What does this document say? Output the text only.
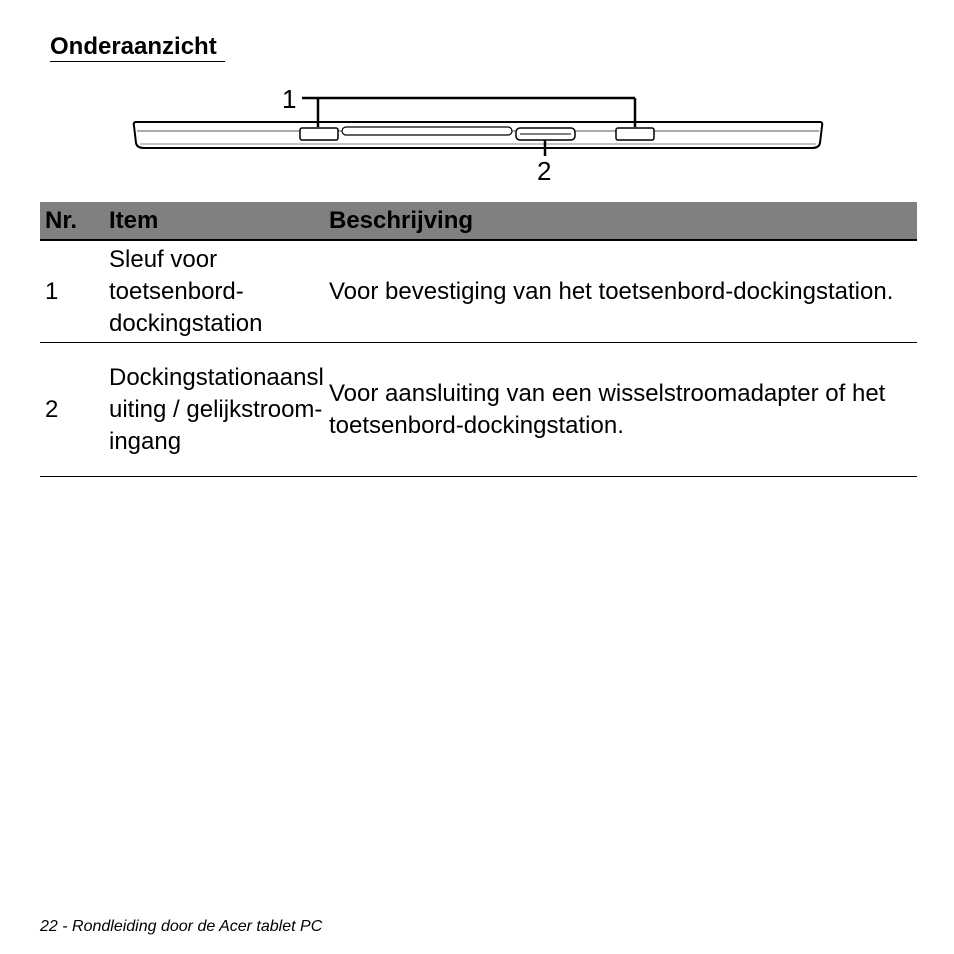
Onderaanzicht
1
2
Nr.	Item	Beschrijving
1	Sleuf voor toetsenbord-dockingstation	Voor bevestiging van het toetsenbord-dockingstation.
2	Dockingstationaansluiting / gelijkstroom-ingang	Voor aansluiting van een wisselstroomadapter of het toetsenbord-dockingstation.
22 - Rondleiding door de Acer tablet PC
